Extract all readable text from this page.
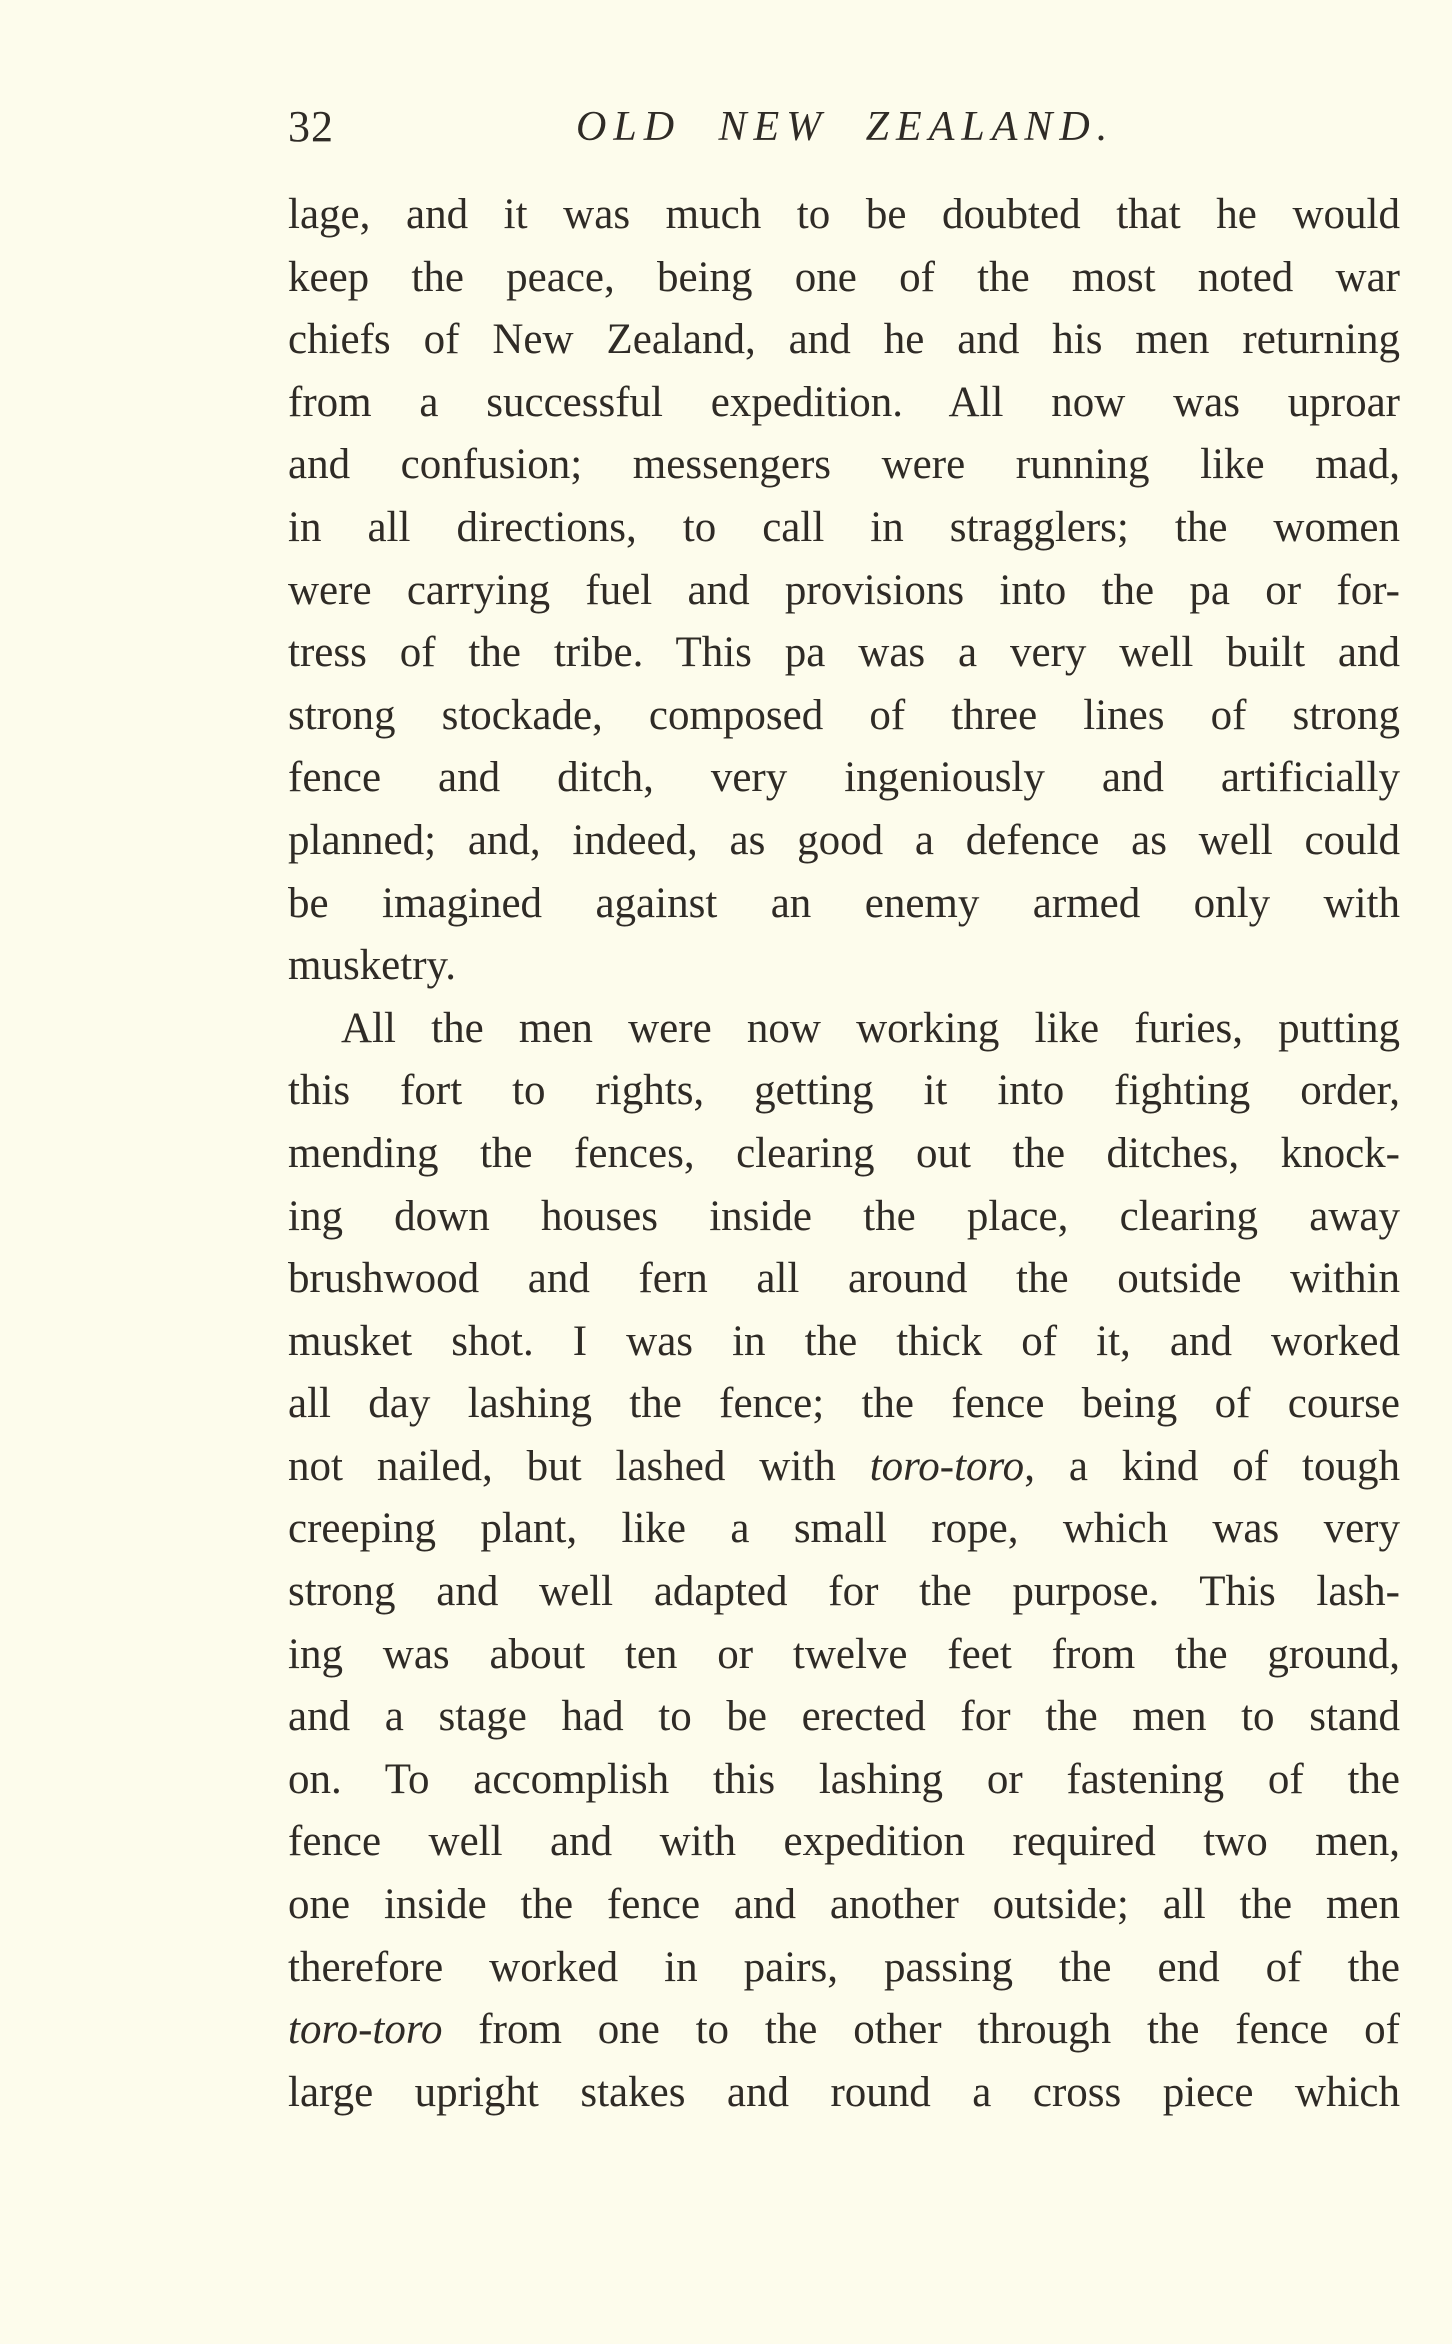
32	OLD NEW ZEALAND.
lage, and it was much to be doubted that he would
keep the peace, being one of the most noted war
chiefs of New Zealand, and he and his men returning
from a successful expedition. All now was uproar
and confusion; messengers were running like mad,
in all directions, to call in stragglers; the women
were carrying fuel and provisions into the pa or for-
tress of the tribe. This pa was a very well built and
strong stockade, composed of three lines of strong
fence and ditch, very ingeniously and artificially
planned; and, indeed, as good a defence as well could
be imagined against an enemy armed only with
musketry.
All the men were now working like furies, putting
this fort to rights, getting it into fighting order,
mending the fences, clearing out the ditches, knock-
ing down houses inside the place, clearing away
brushwood and fern all around the outside within
musket shot. I was in the thick of it, and worked
all day lashing the fence; the fence being of course
not nailed, but lashed with toro-toro, a kind of tough
creeping plant, like a small rope, which was very
strong and well adapted for the purpose. This lash-
ing was about ten or twelve feet from the ground,
and a stage had to be erected for the men to stand
on. To accomplish this lashing or fastening of the
fence well and with expedition required two men,
one inside the fence and another outside; all the men
therefore worked in pairs, passing the end of the
toro-toro from one to the other through the fence of
large upright stakes and round a cross piece which
